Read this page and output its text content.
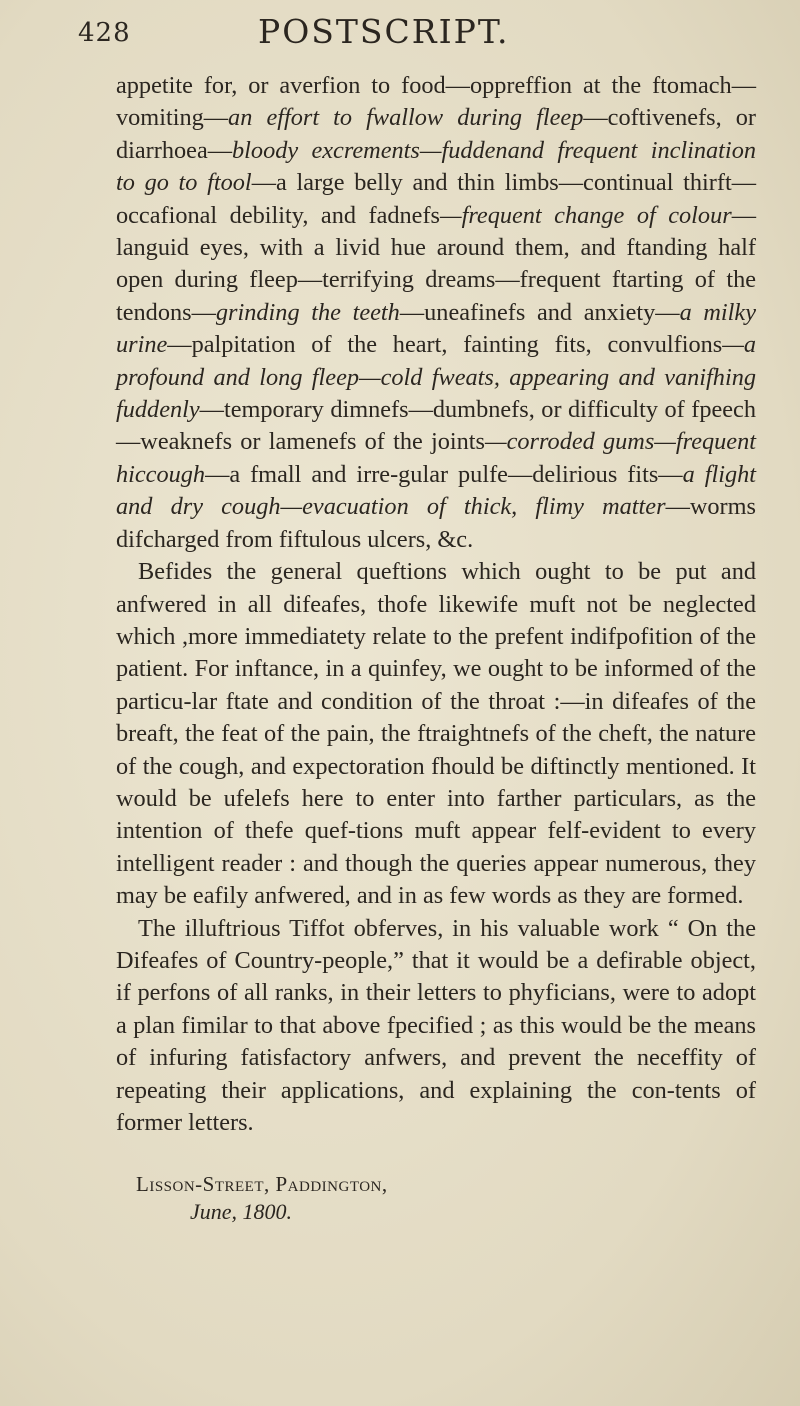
428	POSTSCRIPT.

appetite for, or averfion to food—oppreffion at the ftomach—vomiting—an effort to fwallow during fleep—coftivenefs, or diarrhoea—bloody excrements—fuddenand frequent inclination to go to ftool—a large belly and thin limbs—continual thirft—occafional debility, and fadnefs—frequent change of colour—languid eyes, with a livid hue around them, and ftanding half open during fleep—terrifying dreams—frequent ftarting of the tendons—grinding the teeth—uneafinefs and anxiety—a milky urine—palpitation of the heart, fainting fits, convulfions—a profound and long fleep—cold fweats, appearing and vanifhing fuddenly—temporary dimnefs—dumbnefs, or difficulty of fpeech—weaknefs or lamenefs of the joints—corroded gums—frequent hiccough—a fmall and irre-gular pulfe—delirious fits—a flight and dry cough—evacuation of thick, flimy matter—worms difcharged from fiftulous ulcers, &c.

Befides the general queftions which ought to be put and anfwered in all difeafes, thofe likewife muft not be neglected which ,more immediatety relate to the prefent indifpofition of the patient. For inftance, in a quinfey, we ought to be informed of the particu-lar ftate and condition of the throat :—in difeafes of the breaft, the feat of the pain, the ftraightnefs of the cheft, the nature of the cough, and expectoration fhould be diftinctly mentioned. It would be ufelefs here to enter into farther particulars, as the intention of thefe quef-tions muft appear felf-evident to every intelligent reader : and though the queries appear numerous, they may be eafily anfwered, and in as few words as they are formed.

The illuftrious Tiffot obferves, in his valuable work “ On the Difeafes of Country-people,” that it would be a defirable object, if perfons of all ranks, in their letters to phyficians, were to adopt a plan fimilar to that above fpecified ; as this would be the means of infuring fatisfactory anfwers, and prevent the neceffity of repeating their applications, and explaining the con-tents of former letters.

Lisson-Street, Paddington,
June, 1800.
